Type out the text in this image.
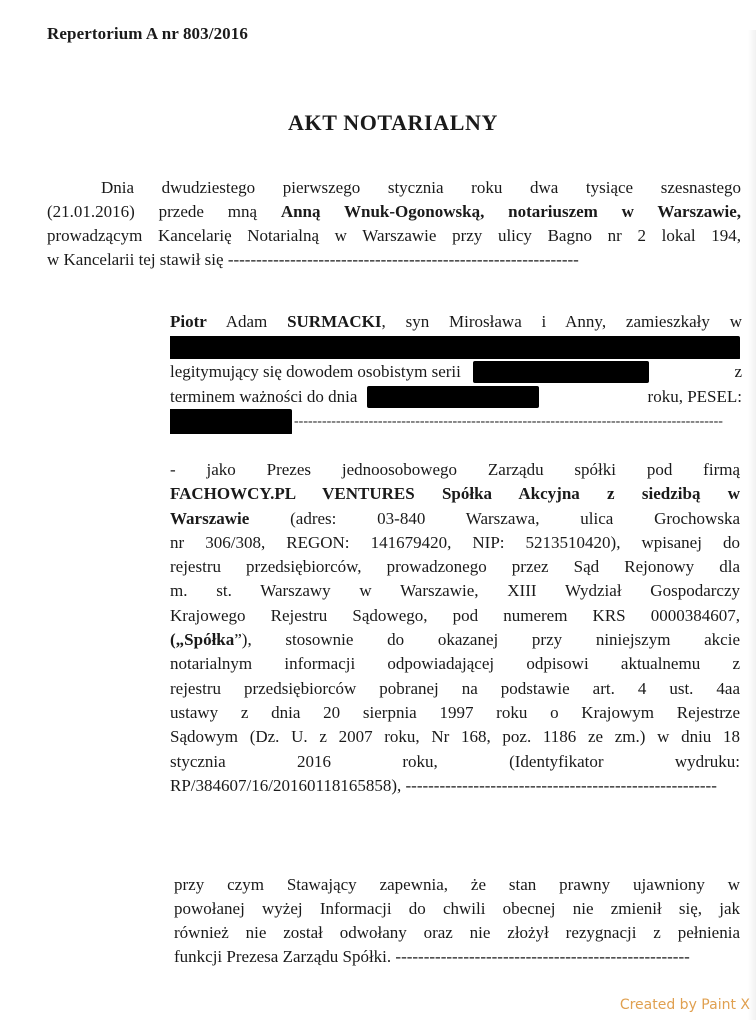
Repertorium A nr 803/2016
AKT NOTARIALNY
Dnia dwudziestego pierwszego stycznia roku dwa tysiące szesnastego
(21.01.2016) przede mną Anną Wnuk-Ogonowską, notariuszem w Warszawie,
prowadzącym Kancelarię Notarialną w Warszawie przy ulicy Bagno nr 2 lokal 194,
w Kancelarii tej stawił się --------------------------------------------------------------
Piotr Adam SURMACKI, syn Mirosława i Anny, zamieszkały w
legitymujący się dowodem osobistym serii	z
terminem ważności do dnia	roku, PESEL:
--------------------------------------------------------------------------------------------
- jako Prezes jednoosobowego Zarządu spółki pod firmą
FACHOWCY.PL VENTURES Spółka Akcyjna z siedzibą w
Warszawie (adres: 03-840 Warszawa, ulica Grochowska
nr 306/308, REGON: 141679420, NIP: 5213510420), wpisanej do
rejestru przedsiębiorców, prowadzonego przez Sąd Rejonowy dla
m. st. Warszawy w Warszawie, XIII Wydział Gospodarczy
Krajowego Rejestru Sądowego, pod numerem KRS 0000384607,
(„Spółka”), stosownie do okazanej przy niniejszym akcie
notarialnym informacji odpowiadającej odpisowi aktualnemu z
rejestru przedsiębiorców pobranej na podstawie art. 4 ust. 4aa
ustawy z dnia 20 sierpnia 1997 roku o Krajowym Rejestrze
Sądowym (Dz. U. z 2007 roku, Nr 168, poz. 1186 ze zm.) w dniu 18
stycznia 2016 roku, (Identyfikator wydruku:
RP/384607/16/20160118165858), -------------------------------------------------------
przy czym Stawający zapewnia, że stan prawny ujawniony w
powołanej wyżej Informacji do chwili obecnej nie zmienił się, jak
również nie został odwołany oraz nie złożył rezygnacji z pełnienia
funkcji Prezesa Zarządu Spółki. ----------------------------------------------------
Created by Paint X
